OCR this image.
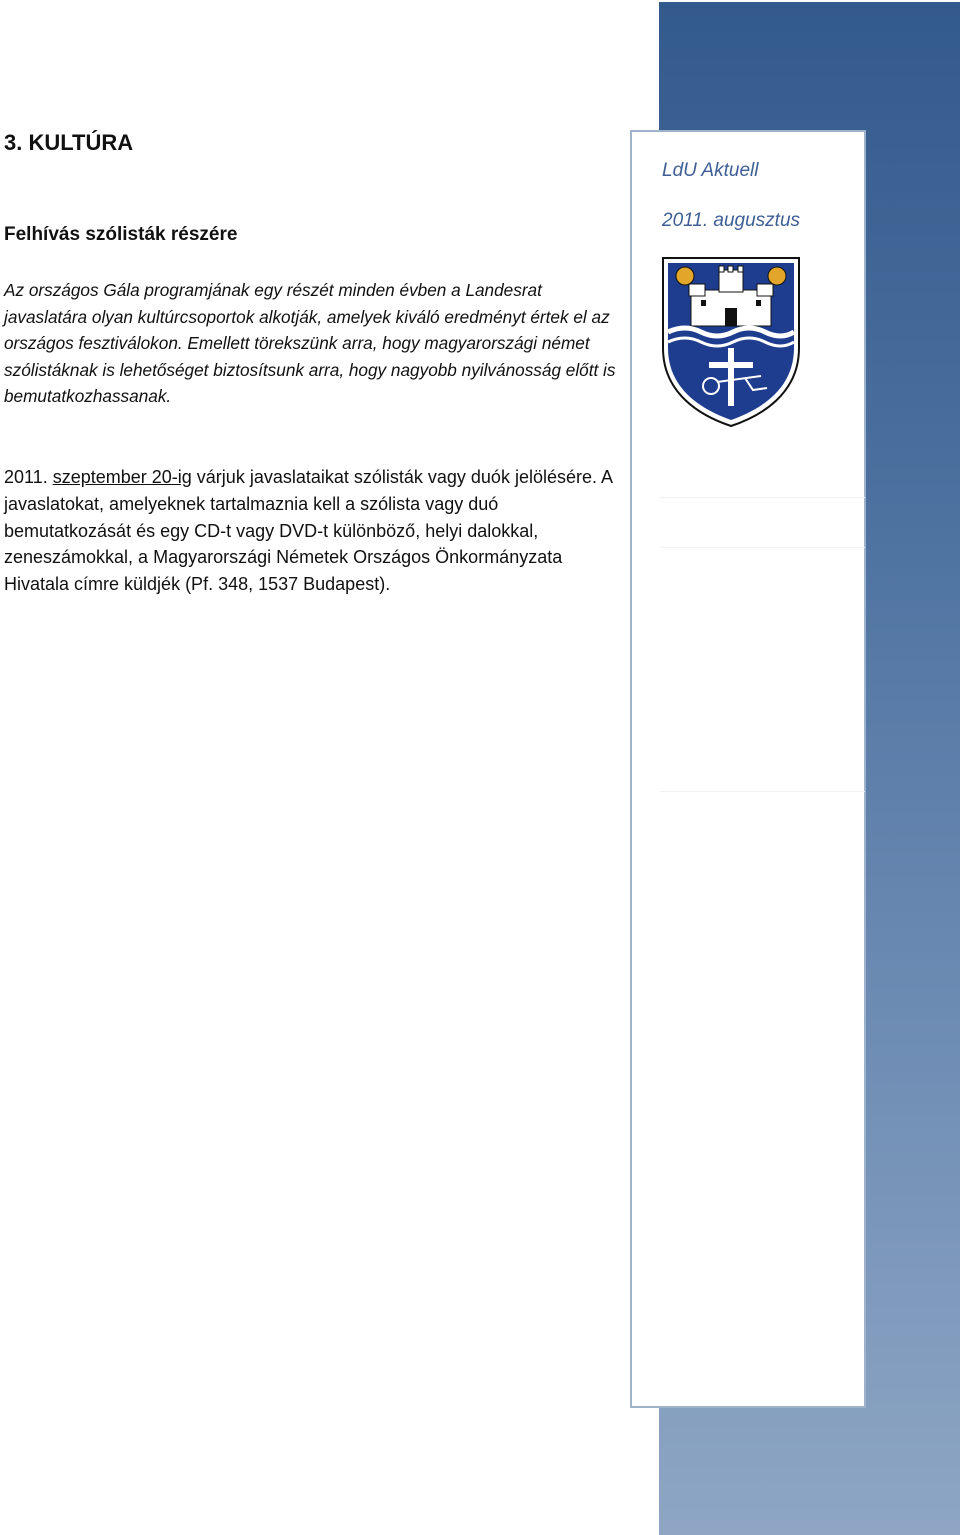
3. KULTÚRA
Felhívás szólisták részére

Az országos Gála programjának egy részét minden évben a Landesrat javaslatára olyan kultúrcsoportok alkotják, amelyek kiváló eredményt értek el az országos fesztiválokon. Emellett törekszünk arra, hogy magyarországi német szólistáknak is lehetőséget biztosítsunk arra, hogy nagyobb nyilvánosság előtt is bemutatkozhassanak.

2011. szeptember 20-ig várjuk javaslataikat szólisták vagy duók jelölésére. A javaslatokat, amelyeknek tartalmaznia kell a szólista vagy duó bemutatkozását és egy CD-t vagy DVD-t különböző, helyi dalokkal, zeneszámokkal, a Magyarországi Németek Országos Önkormányzata Hivatala címre küldjék (Pf. 348, 1537 Budapest).

LdU Aktuell
2011. augusztus
